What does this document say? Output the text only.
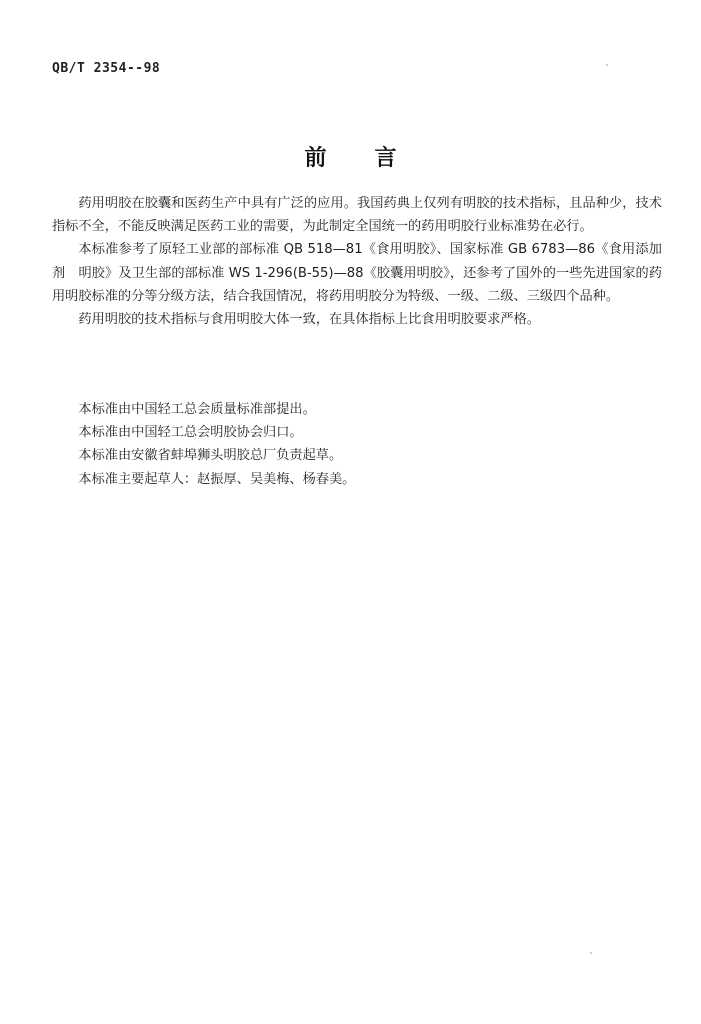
QB/T 2354--98
前言

药用明胶在胶囊和医药生产中具有广泛的应用。我国药典上仅列有明胶的技术指标，且品种少，技术指标不全，不能反映满足医药工业的需要，为此制定全国统一的药用明胶行业标准势在必行。

本标准参考了原轻工业部的部标准 QB 518—81《食用明胶》、国家标准 GB 6783—86《食用添加剂　明胶》及卫生部的部标准 WS 1-296(B-55)—88《胶囊用明胶》，还参考了国外的一些先进国家的药用明胶标准的分等分级方法，结合我国情况，将药用明胶分为特级、一级、二级、三级四个品种。

药用明胶的技术指标与食用明胶大体一致，在具体指标上比食用明胶要求严格。

本标准由中国轻工总会质量标准部提出。

本标准由中国轻工总会明胶协会归口。

本标准由安徽省蚌埠狮头明胶总厂负责起草。

本标准主要起草人：赵振厚、吴美梅、杨春美。
